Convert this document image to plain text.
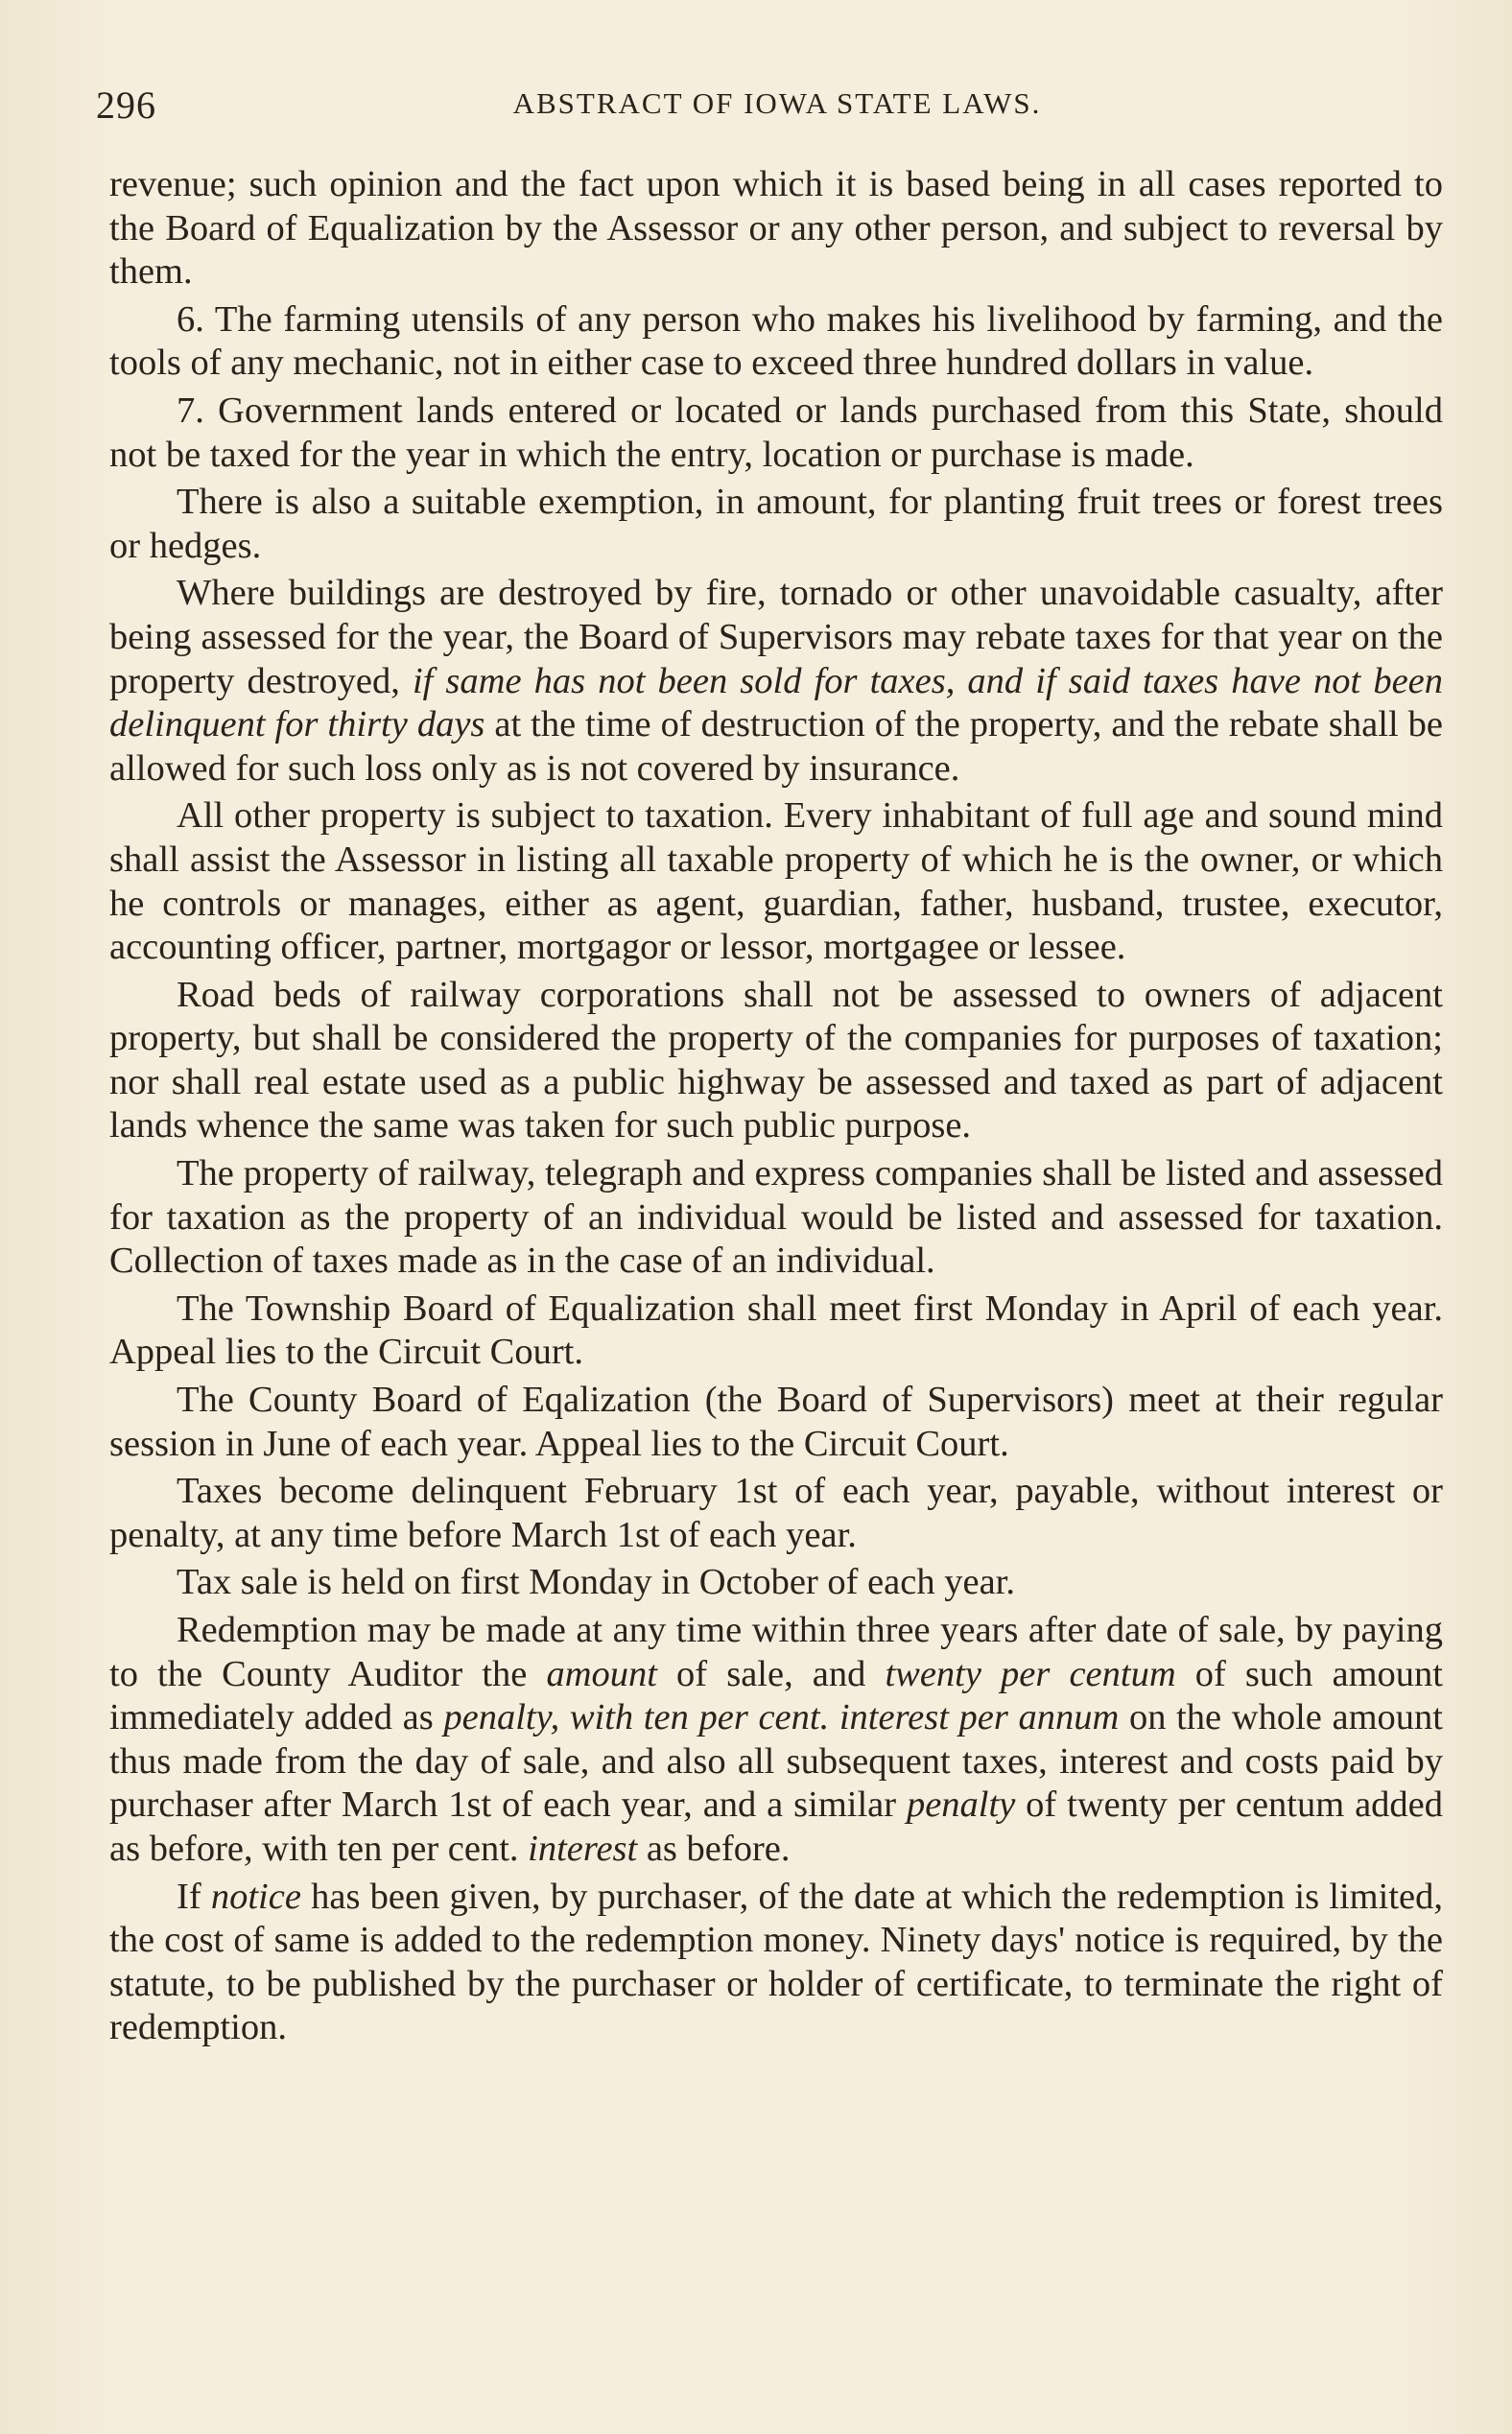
296	ABSTRACT OF IOWA STATE LAWS.

revenue; such opinion and the fact upon which it is based being in all cases reported to the Board of Equalization by the Assessor or any other person, and subject to reversal by them.

6. The farming utensils of any person who makes his livelihood by farming, and the tools of any mechanic, not in either case to exceed three hundred dollars in value.

7. Government lands entered or located or lands purchased from this State, should not be taxed for the year in which the entry, location or purchase is made.

There is also a suitable exemption, in amount, for planting fruit trees or forest trees or hedges.

Where buildings are destroyed by fire, tornado or other unavoidable casualty, after being assessed for the year, the Board of Supervisors may rebate taxes for that year on the property destroyed, if same has not been sold for taxes, and if said taxes have not been delinquent for thirty days at the time of destruction of the property, and the rebate shall be allowed for such loss only as is not covered by insurance.

All other property is subject to taxation. Every inhabitant of full age and sound mind shall assist the Assessor in listing all taxable property of which he is the owner, or which he controls or manages, either as agent, guardian, father, husband, trustee, executor, accounting officer, partner, mortgagor or lessor, mortgagee or lessee.

Road beds of railway corporations shall not be assessed to owners of adjacent property, but shall be considered the property of the companies for purposes of taxation; nor shall real estate used as a public highway be assessed and taxed as part of adjacent lands whence the same was taken for such public purpose.

The property of railway, telegraph and express companies shall be listed and assessed for taxation as the property of an individual would be listed and assessed for taxation. Collection of taxes made as in the case of an individual.

The Township Board of Equalization shall meet first Monday in April of each year. Appeal lies to the Circuit Court.

The County Board of Eqalization (the Board of Supervisors) meet at their regular session in June of each year. Appeal lies to the Circuit Court.

Taxes become delinquent February 1st of each year, payable, without interest or penalty, at any time before March 1st of each year.

Tax sale is held on first Monday in October of each year.

Redemption may be made at any time within three years after date of sale, by paying to the County Auditor the amount of sale, and twenty per centum of such amount immediately added as penalty, with ten per cent. interest per annum on the whole amount thus made from the day of sale, and also all subsequent taxes, interest and costs paid by purchaser after March 1st of each year, and a similar penalty of twenty per centum added as before, with ten per cent. interest as before.

If notice has been given, by purchaser, of the date at which the redemption is limited, the cost of same is added to the redemption money. Ninety days' notice is required, by the statute, to be published by the purchaser or holder of certificate, to terminate the right of redemption.
